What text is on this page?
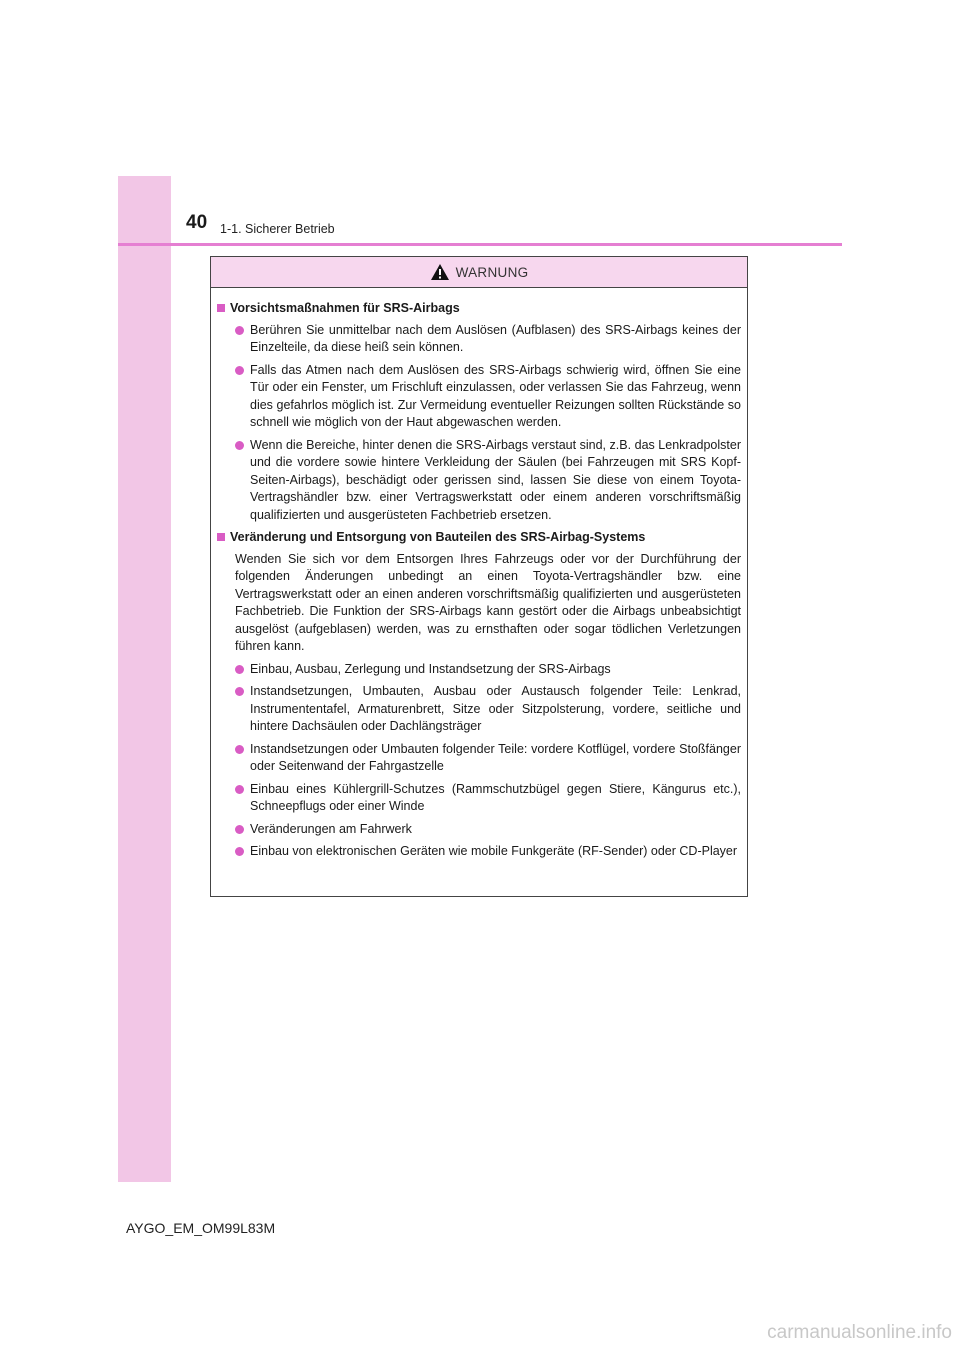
40 1-1. Sicherer Betrieb
WARNUNG
Vorsichtsmaßnahmen für SRS-Airbags
Berühren Sie unmittelbar nach dem Auslösen (Aufblasen) des SRS-Airbags keines der Einzelteile, da diese heiß sein können.
Falls das Atmen nach dem Auslösen des SRS-Airbags schwierig wird, öffnen Sie eine Tür oder ein Fenster, um Frischluft einzulassen, oder verlassen Sie das Fahrzeug, wenn dies gefahrlos möglich ist. Zur Vermeidung eventueller Reizungen sollten Rückstände so schnell wie möglich von der Haut abgewaschen werden.
Wenn die Bereiche, hinter denen die SRS-Airbags verstaut sind, z.B. das Lenkradpolster und die vordere sowie hintere Verkleidung der Säulen (bei Fahrzeugen mit SRS Kopf-Seiten-Airbags), beschädigt oder gerissen sind, lassen Sie diese von einem Toyota-Vertragshändler bzw. einer Vertragswerkstatt oder einem anderen vorschriftsmäßig qualifizierten und ausgerüsteten Fachbetrieb ersetzen.
Veränderung und Entsorgung von Bauteilen des SRS-Airbag-Systems
Wenden Sie sich vor dem Entsorgen Ihres Fahrzeugs oder vor der Durchführung der folgenden Änderungen unbedingt an einen Toyota-Vertragshändler bzw. eine Vertragswerkstatt oder an einen anderen vorschriftsmäßig qualifizierten und ausgerüsteten Fachbetrieb. Die Funktion der SRS-Airbags kann gestört oder die Airbags unbeabsichtigt ausgelöst (aufgeblasen) werden, was zu ernsthaften oder sogar tödlichen Verletzungen führen kann.
Einbau, Ausbau, Zerlegung und Instandsetzung der SRS-Airbags
Instandsetzungen, Umbauten, Ausbau oder Austausch folgender Teile: Lenkrad, Instrumententafel, Armaturenbrett, Sitze oder Sitzpolsterung, vordere, seitliche und hintere Dachsäulen oder Dachlängsträger
Instandsetzungen oder Umbauten folgender Teile: vordere Kotflügel, vordere Stoßfänger oder Seitenwand der Fahrgastzelle
Einbau eines Kühlergrill-Schutzes (Rammschutzbügel gegen Stiere, Kängurus etc.), Schneepflugs oder einer Winde
Veränderungen am Fahrwerk
Einbau von elektronischen Geräten wie mobile Funkgeräte (RF-Sender) oder CD-Player
AYGO_EM_OM99L83M
carmanualsonline.info
